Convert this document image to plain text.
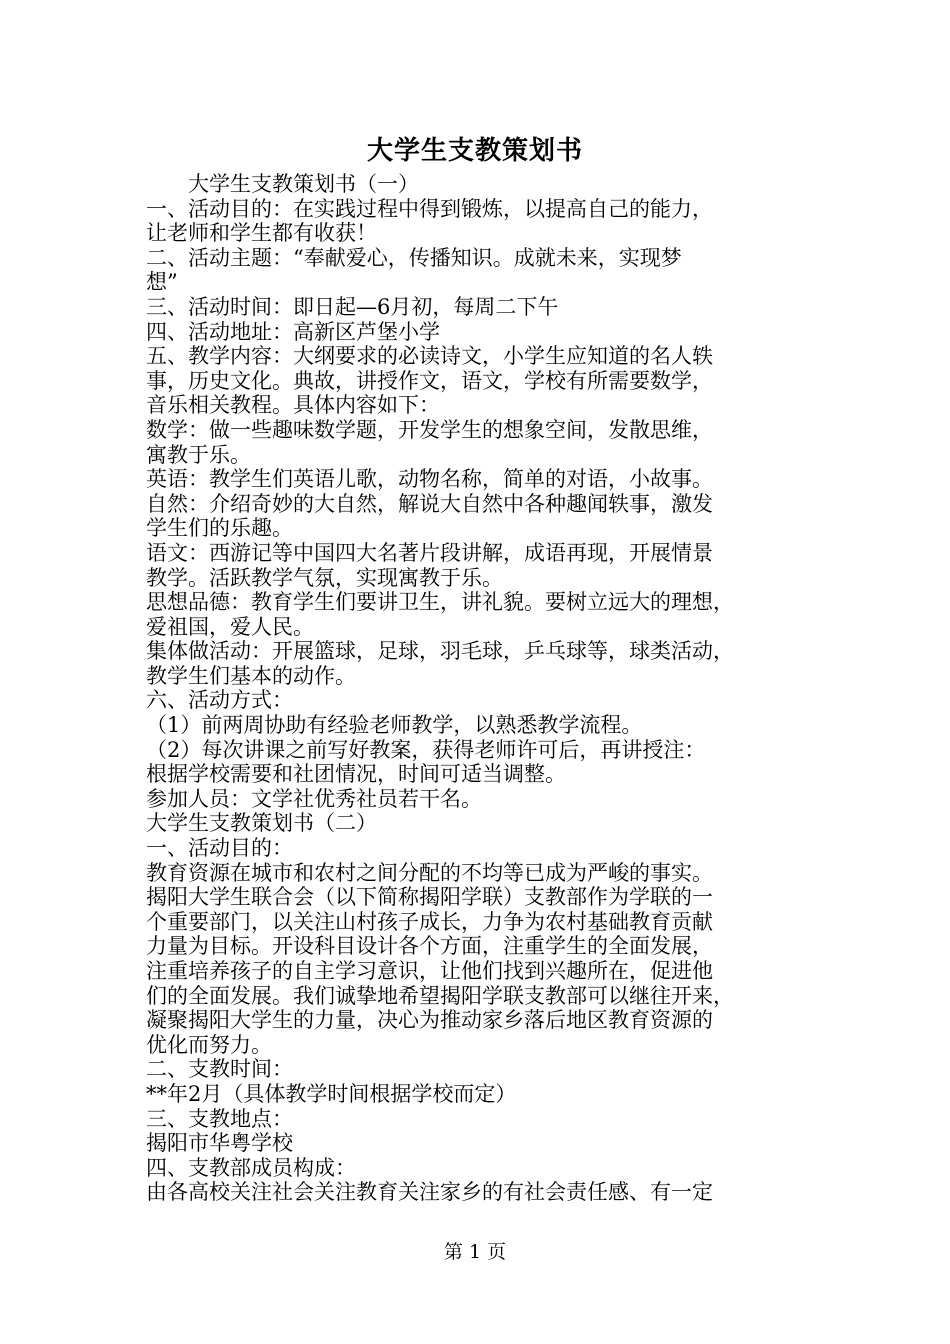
大学生支教策划书
　　大学生支教策划书（一）
一、活动目的：在实践过程中得到锻炼，以提高自己的能力，
让老师和学生都有收获！
二、活动主题：“奉献爱心，传播知识。成就未来，实现梦
想”
三、活动时间：即日起—6月初，每周二下午
四、活动地址：高新区芦堡小学
五、教学内容：大纲要求的必读诗文，小学生应知道的名人轶
事，历史文化。典故，讲授作文，语文，学校有所需要数学，
音乐相关教程。具体内容如下：
数学：做一些趣味数学题，开发学生的想象空间，发散思维，
寓教于乐。
英语：教学生们英语儿歌，动物名称，简单的对语，小故事。
自然：介绍奇妙的大自然，解说大自然中各种趣闻轶事，激发
学生们的乐趣。
语文：西游记等中国四大名著片段讲解，成语再现，开展情景
教学。活跃教学气氛，实现寓教于乐。
思想品德：教育学生们要讲卫生，讲礼貌。要树立远大的理想，
爱祖国，爱人民。
集体做活动：开展篮球，足球，羽毛球，乒乓球等，球类活动，
教学生们基本的动作。
六、活动方式：
（1）前两周协助有经验老师教学，以熟悉教学流程。
（2）每次讲课之前写好教案，获得老师许可后，再讲授注：
根据学校需要和社团情况，时间可适当调整。
参加人员：文学社优秀社员若干名。
大学生支教策划书（二）
一、活动目的：
教育资源在城市和农村之间分配的不均等已成为严峻的事实。
揭阳大学生联合会（以下简称揭阳学联）支教部作为学联的一
个重要部门，以关注山村孩子成长，力争为农村基础教育贡献
力量为目标。开设科目设计各个方面，注重学生的全面发展，
注重培养孩子的自主学习意识，让他们找到兴趣所在，促进他
们的全面发展。我们诚挚地希望揭阳学联支教部可以继往开来，
凝聚揭阳大学生的力量，决心为推动家乡落后地区教育资源的
优化而努力。
二、支教时间：
**年2月（具体教学时间根据学校而定）
三、支教地点：
揭阳市华粤学校
四、支教部成员构成：
由各高校关注社会关注教育关注家乡的有社会责任感、有一定
第 1 页
